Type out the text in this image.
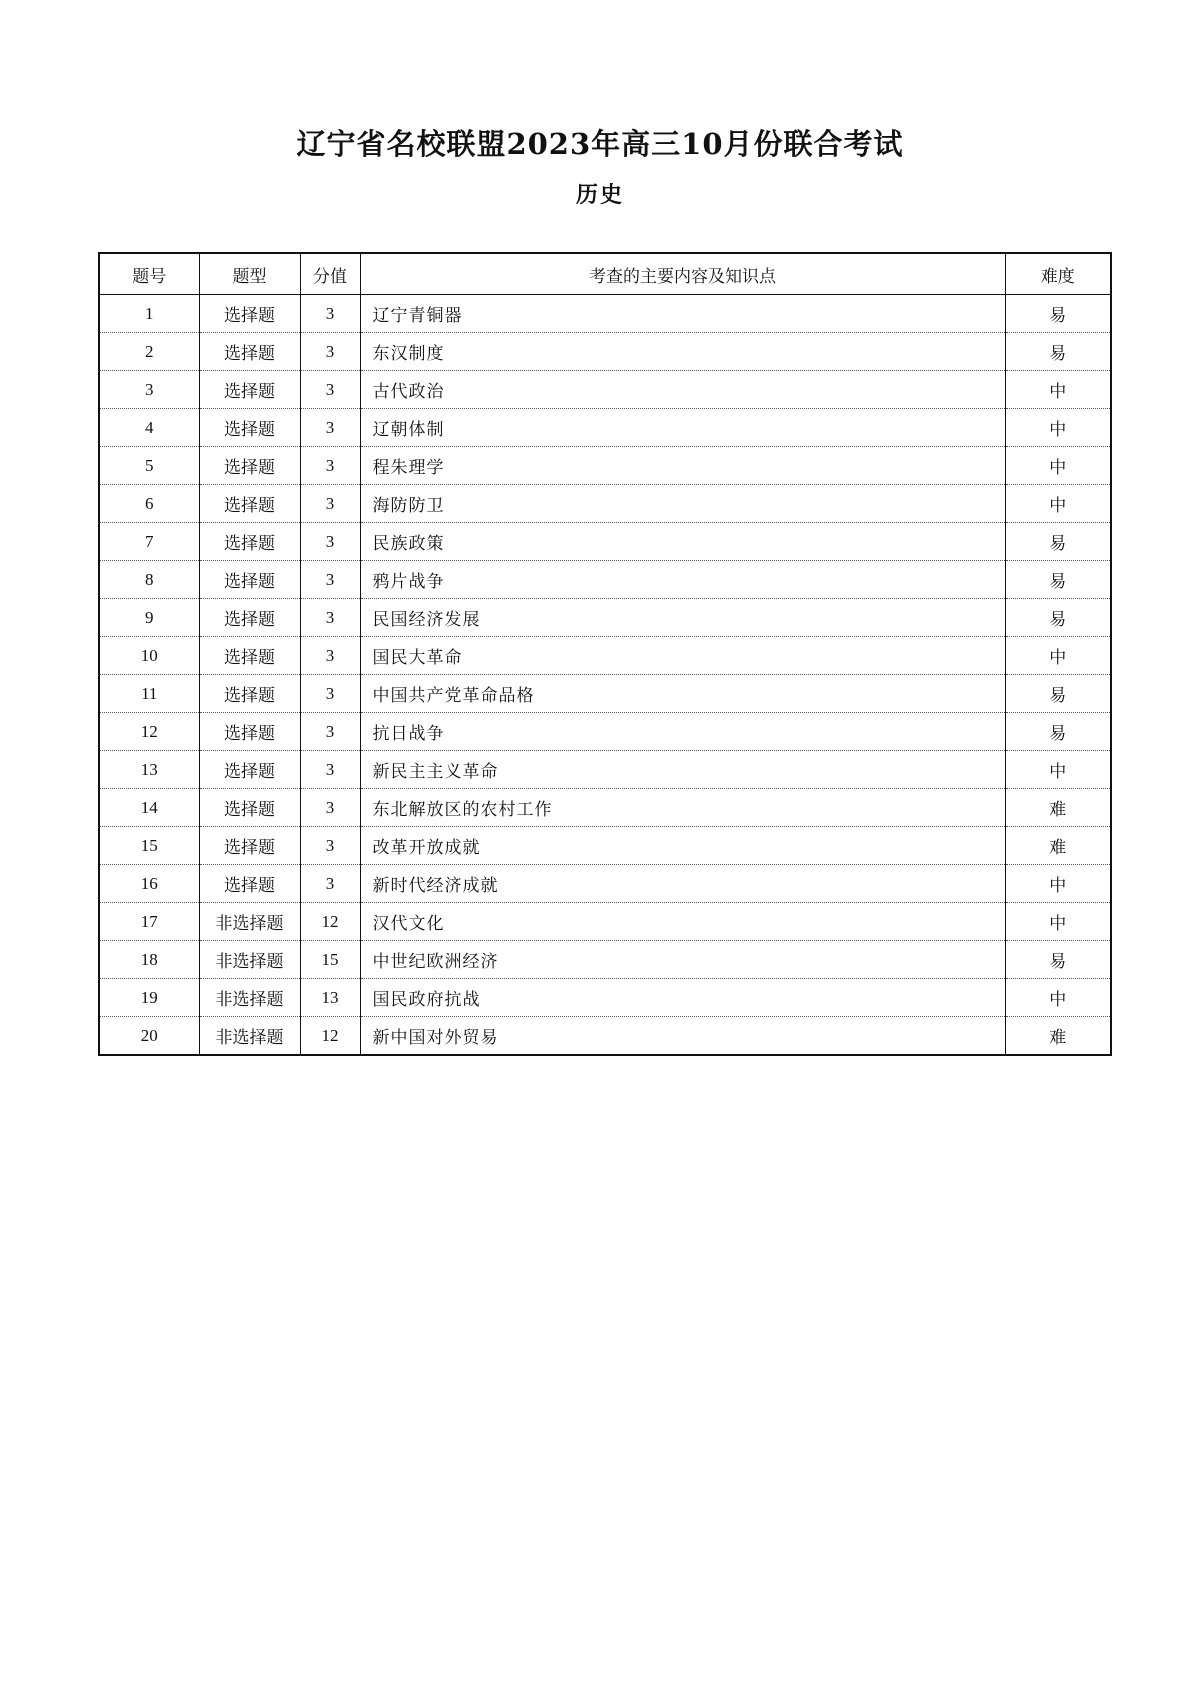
辽宁省名校联盟2023年高三10月份联合考试
历史
题号	题型	分值	考查的主要内容及知识点	难度
1	选择题	3	辽宁青铜器	易
2	选择题	3	东汉制度	易
3	选择题	3	古代政治	中
4	选择题	3	辽朝体制	中
5	选择题	3	程朱理学	中
6	选择题	3	海防防卫	中
7	选择题	3	民族政策	易
8	选择题	3	鸦片战争	易
9	选择题	3	民国经济发展	易
10	选择题	3	国民大革命	中
11	选择题	3	中国共产党革命品格	易
12	选择题	3	抗日战争	易
13	选择题	3	新民主主义革命	中
14	选择题	3	东北解放区的农村工作	难
15	选择题	3	改革开放成就	难
16	选择题	3	新时代经济成就	中
17	非选择题	12	汉代文化	中
18	非选择题	15	中世纪欧洲经济	易
19	非选择题	13	国民政府抗战	中
20	非选择题	12	新中国对外贸易	难
